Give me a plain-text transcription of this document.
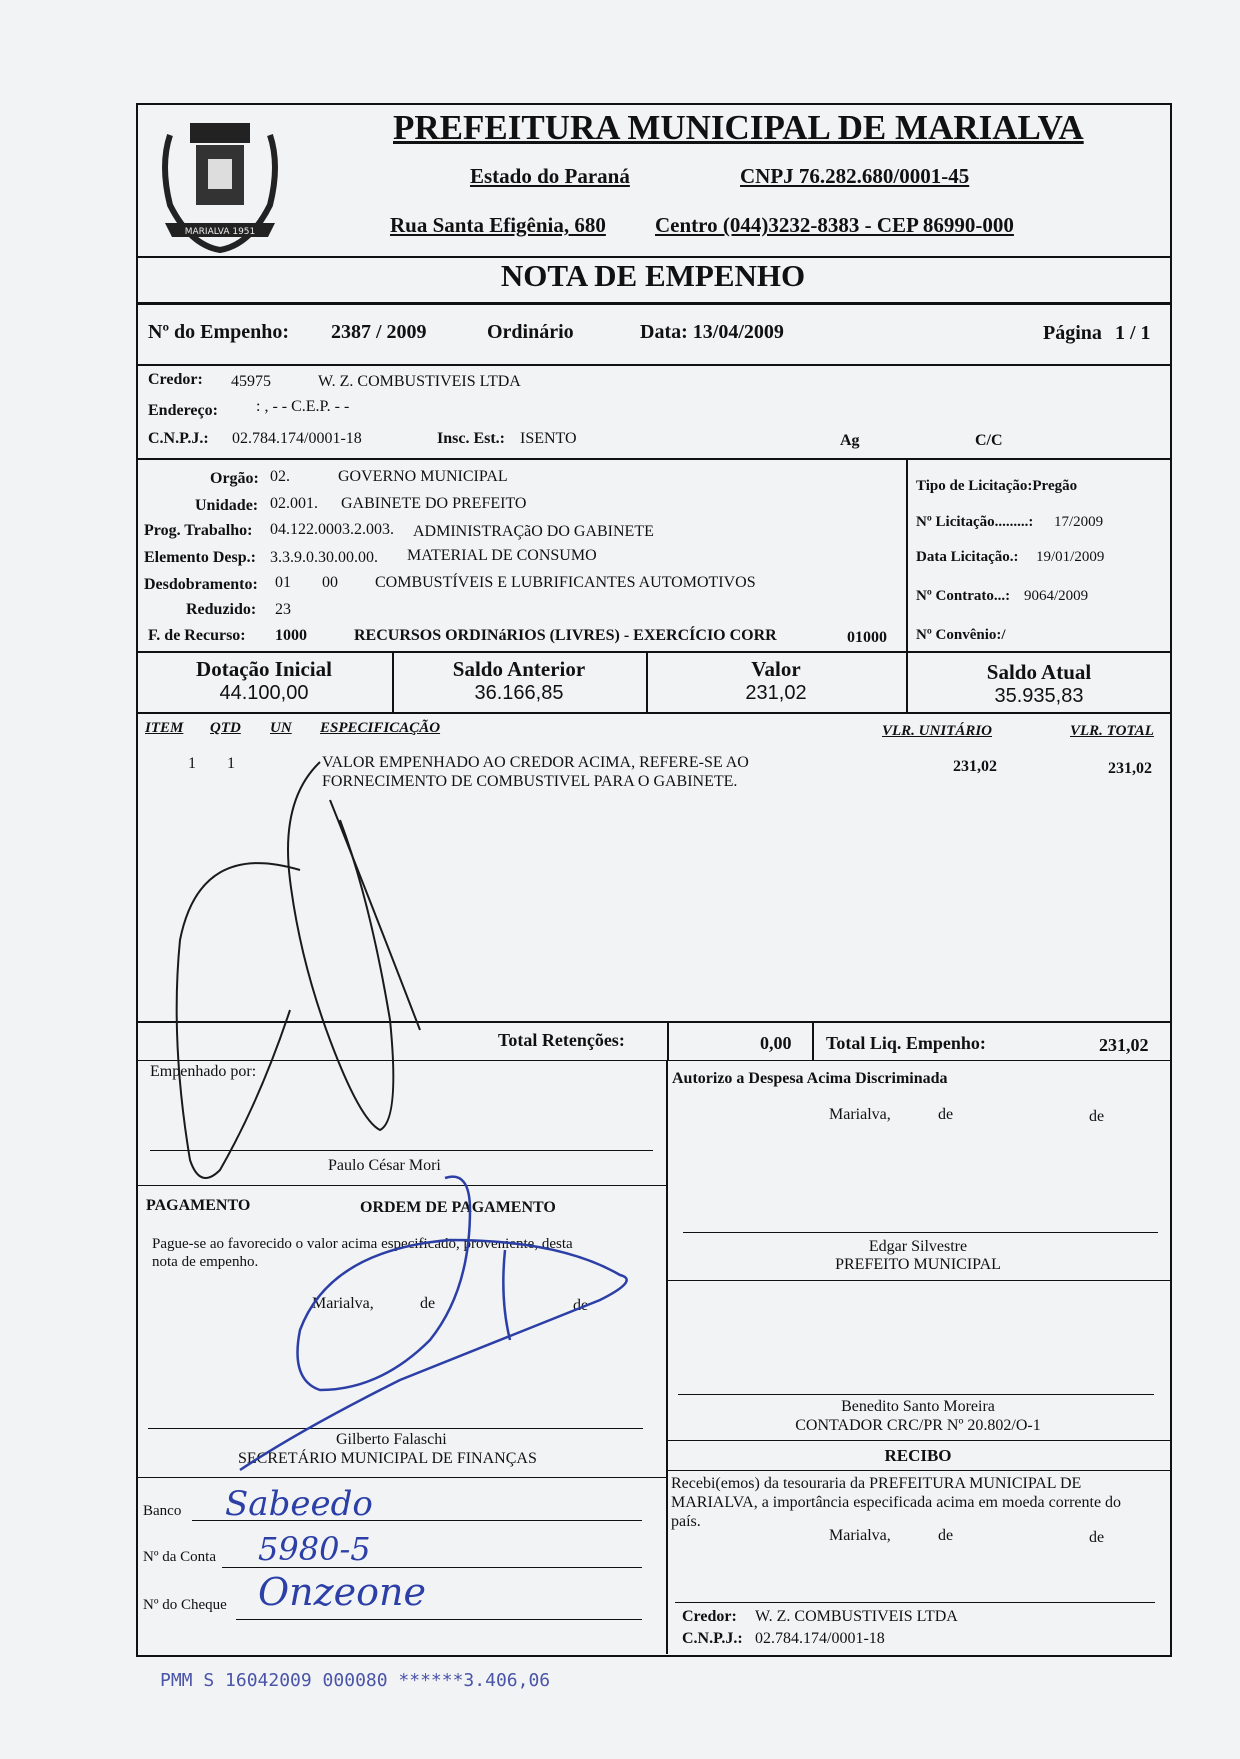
MARIALVA 1951
PREFEITURA MUNICIPAL DE MARIALVA
Estado do Paraná	CNPJ 76.282.680/0001-45
Rua Santa Efigênia, 680 Centro (044)3232-8383 - CEP 86990-000
NOTA DE EMPENHO
Nº do Empenho: 2387 / 2009	Ordinário	Data: 13/04/2009	Página 1 / 1
Credor: 45975	W. Z. COMBUSTIVEIS LTDA
Endereço: : , - - C.E.P. - -
C.N.P.J.: 02.784.174/0001-18	Insc. Est.: ISENTO	Ag	C/C
Orgão: 02.	GOVERNO MUNICIPAL
Unidade: 02.001. GABINETE DO PREFEITO
Prog. Trabalho: 04.122.0003.2.003. ADMINISTRAÇãO DO GABINETE
Elemento Desp.: 3.3.9.0.30.00.00. MATERIAL DE CONSUMO
Desdobramento: 01 00 COMBUSTÍVEIS E LUBRIFICANTES AUTOMOTIVOS
Reduzido: 23
F. de Recurso: 1000	RECURSOS ORDINáRIOS (LIVRES) - EXERCÍCIO CORR	01000
Tipo de Licitação:Pregão
Nº Licitação.........: 17/2009
Data Licitação.: 19/01/2009
Nº Contrato...: 9064/2009
Nº Convênio:/
Dotação Inicial
44.100,00
Saldo Anterior
36.166,85
Valor
231,02
Saldo Atual
35.935,83
ITEM QTD UN ESPECIFICAÇÃO	VLR. UNITÁRIO	VLR. TOTAL
1 1	VALOR EMPENHADO AO CREDOR ACIMA, REFERE-SE AO
FORNECIMENTO DE COMBUSTIVEL PARA O GABINETE.
231,02	231,02
Total Retenções:	0,00 Total Liq. Empenho:	231,02
Empenhado por:
Paulo César Mori
PAGAMENTO	ORDEM DE PAGAMENTO
Pague-se ao favorecido o valor acima especificado, proveniente, desta
nota de empenho.
Marialva,	de	de
Gilberto Falaschi
SECRETÁRIO MUNICIPAL DE FINANÇAS
Banco Sabeedo
Nº da Conta 5980-5
Nº do Cheque Onzeone
Autorizo a Despesa Acima Discriminada
Marialva,	de	de
Edgar Silvestre
PREFEITO MUNICIPAL
Benedito Santo Moreira
CONTADOR CRC/PR Nº 20.802/O-1
RECIBO
Recebi(emos) da tesouraria da PREFEITURA MUNICIPAL DE
MARIALVA, a importância especificada acima em moeda corrente do
país.
Marialva,	de	de
Credor: W. Z. COMBUSTIVEIS LTDA
C.N.P.J.: 02.784.174/0001-18
PMM S 16042009 000080 ******3.406,06
